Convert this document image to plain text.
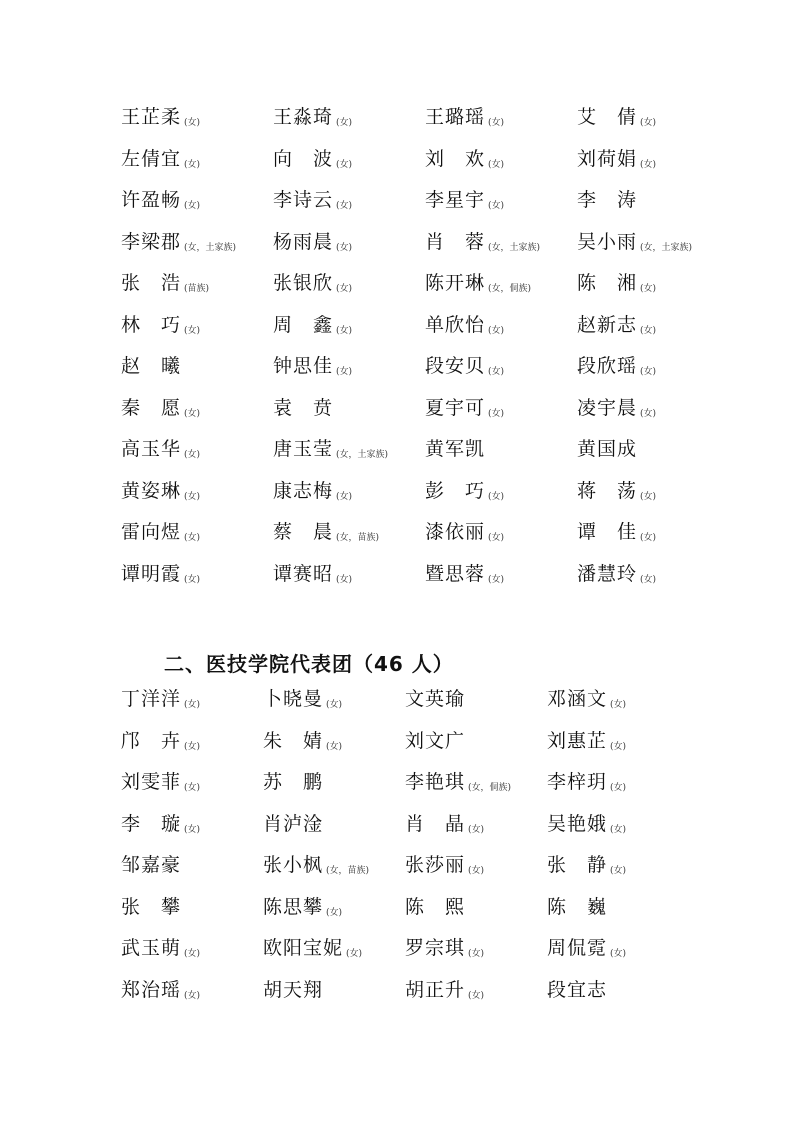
王芷柔 (女)	王淼琦 (女)	王璐瑶 (女)	艾　倩 (女)
左倩宜 (女)	向　波 (女)	刘　欢 (女)	刘荷娟 (女)
许盈畅 (女)	李诗云 (女)	李星宇 (女)	李　涛
李梁郡 (女，土家族) 杨雨晨 (女)	肖　蓉 (女，土家族) 吴小雨 (女，土家族)
张　浩 (苗族)	张银欣 (女)	陈开琳 (女，侗族) 陈　湘 (女)
林　巧 (女)	周　鑫 (女)	单欣怡 (女)	赵新志 (女)
赵　曦	钟思佳 (女)	段安贝 (女)	段欣瑶 (女)
秦　愿 (女)	袁　贲	夏宇可 (女)	凌宇晨 (女)
高玉华 (女)	唐玉莹 (女，土家族) 黄军凯	黄国成
黄姿琳 (女)	康志梅 (女)	彭　巧 (女)	蒋　荡 (女)
雷向煜 (女)	蔡　晨 (女，苗族) 漆依丽 (女)	谭　佳 (女)
谭明霞 (女)	谭赛昭 (女)	暨思蓉 (女)	潘慧玲 (女)
二、医技学院代表团（46 人）
丁洋洋 (女)	卜晓曼 (女)	文英瑜	邓涵文 (女)
邝　卉 (女)	朱　婧 (女)	刘文广	刘惠芷 (女)
刘雯菲 (女)	苏　鹏	李艳琪 (女，侗族) 李梓玥 (女)
李　璇 (女)	肖泸淦	肖　晶 (女)	吴艳娥 (女)
邹嘉豪	张小枫 (女，苗族) 张莎丽 (女)	张　静 (女)
张　攀	陈思攀 (女)	陈　熙	陈　巍
武玉萌 (女)	欧阳宝妮 (女) 罗宗琪 (女)	周侃霓 (女)
郑治瑶 (女)	胡天翔	胡正升 (女)	段宜志
